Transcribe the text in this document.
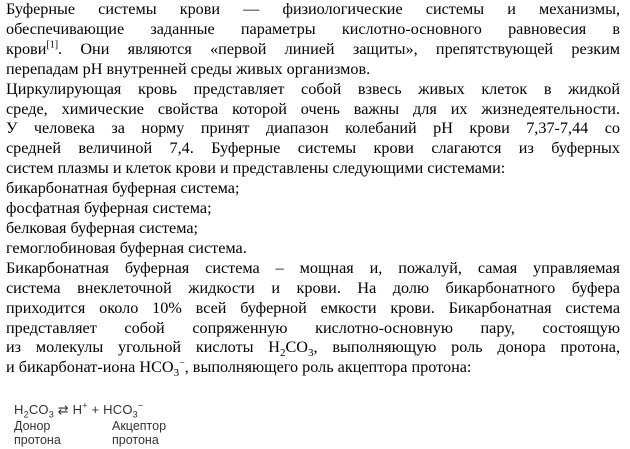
Буферные системы крови — физиологические системы и механизмы,
обеспечивающие заданные параметры кислотно-основного равновесия в
крови[1]. Они являются «первой линией защиты», препятствующей резким
перепадам pH внутренней среды живых организмов.

Циркулирующая кровь представляет собой взвесь живых клеток в жидкой
среде, химические свойства которой очень важны для их жизнедеятельности.
У человека за норму принят диапазон колебаний pH крови 7,37-7,44 со
средней величиной 7,4. Буферные системы крови слагаются из буферных
систем плазмы и клеток крови и представлены следующими системами:

бикарбонатная буферная система;
фосфатная буферная система;
белковая буферная система;
гемоглобиновая буферная система.

Бикарбонатная буферная система – мощная и, пожалуй, самая управляемая
система внеклеточной жидкости и крови. На долю бикарбонатного буфера
приходится около 10% всей буферной емкости крови. Бикарбонатная система
представляет собой сопряженную кислотно-основную пару, состоящую
из молекулы угольной кислоты $H_2CO_3$, выполняющую роль донора протона,
и бикарбонат-иона $HCO_3^-$, выполняющего роль акцептора протона:

$H_2CO_3$ ⇄ $H^+ + HCO_3^-$
Донор
протона
Акцептор
протона
